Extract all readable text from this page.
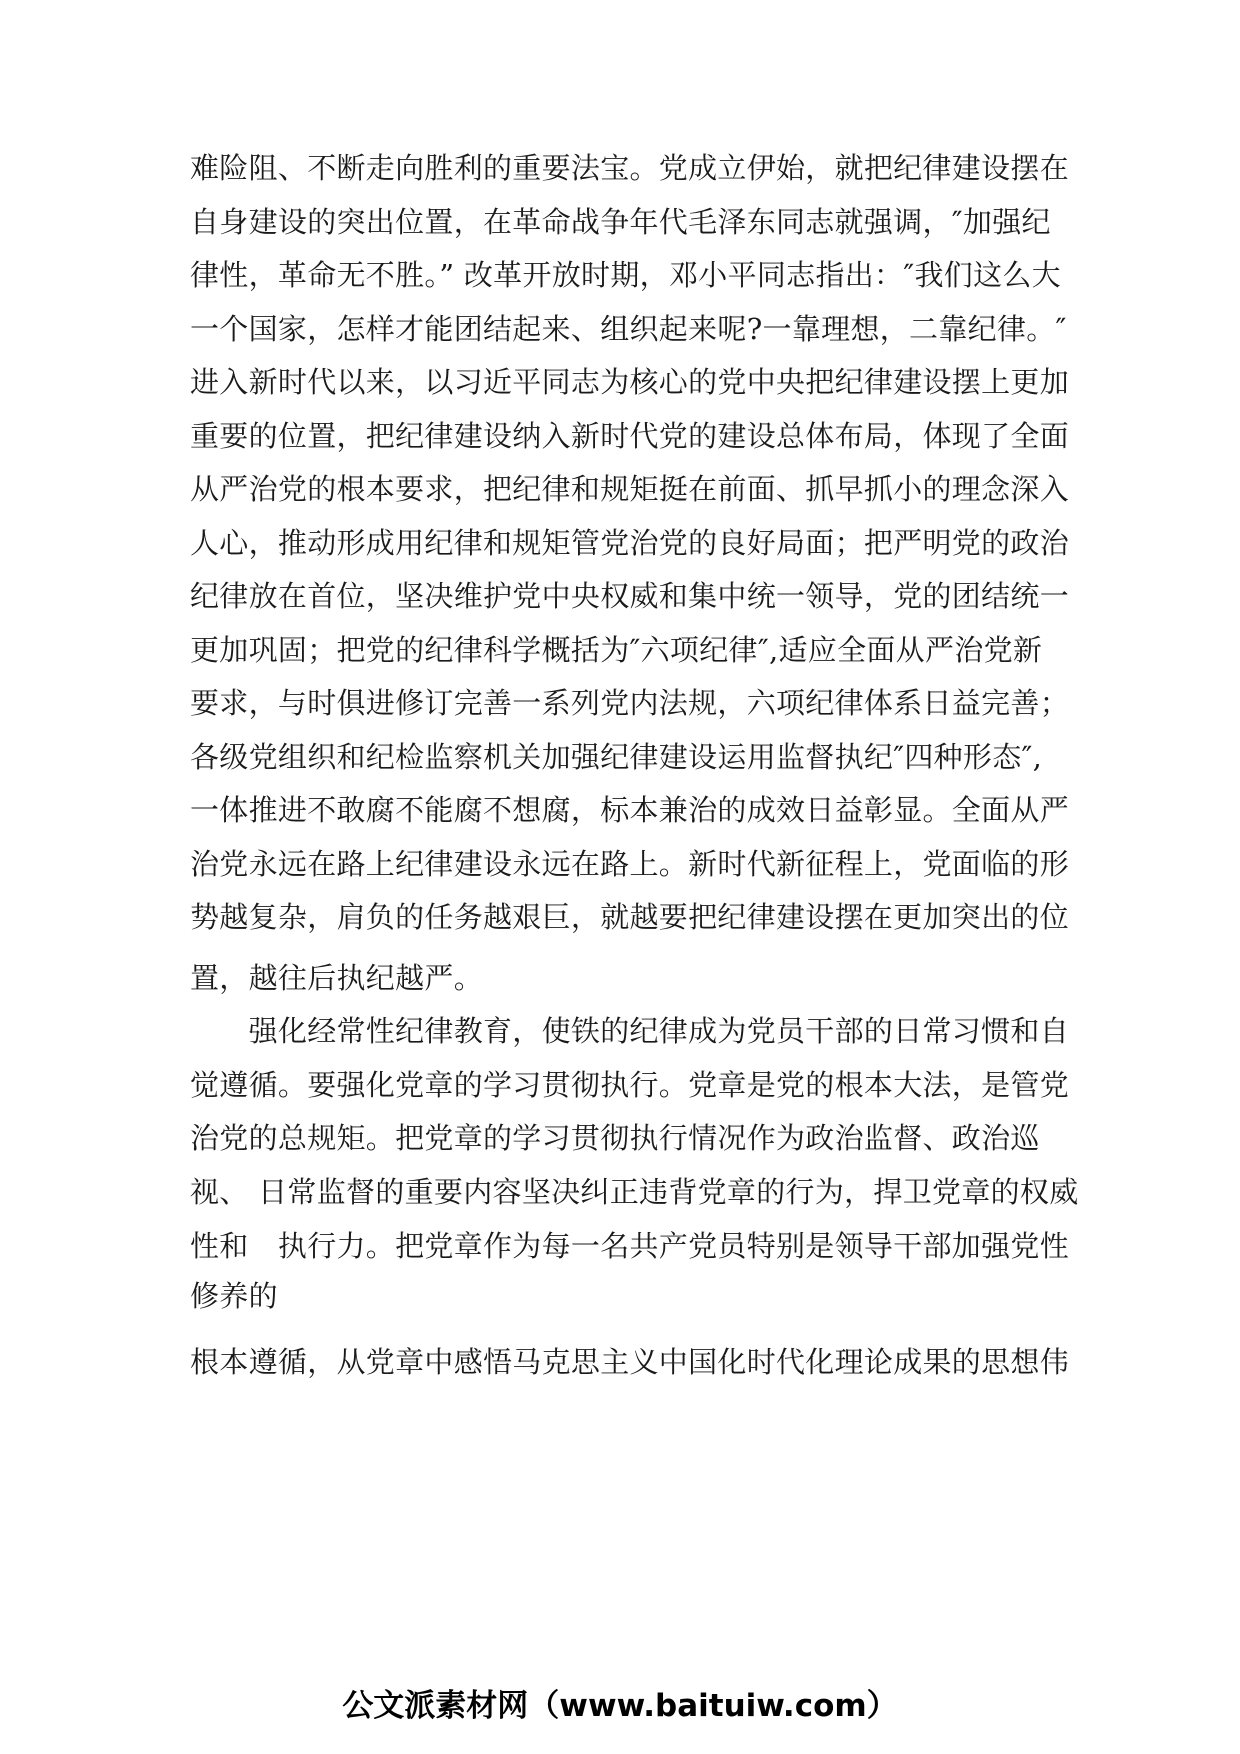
难险阻、不断走向胜利的重要法宝。党成立伊始，就把纪律建设摆在
自身建设的突出位置，在革命战争年代毛泽东同志就强调，″加强纪
律性，革命无不胜。” 改革开放时期，邓小平同志指出：″我们这么大
一个国家，怎样才能团结起来、组织起来呢?一靠理想，二靠纪律。″
进入新时代以来，以习近平同志为核心的党中央把纪律建设摆上更加
重要的位置，把纪律建设纳入新时代党的建设总体布局，体现了全面
从严治党的根本要求，把纪律和规矩挺在前面、抓早抓小的理念深入
人心，推动形成用纪律和规矩管党治党的良好局面；把严明党的政治
纪律放在首位，坚决维护党中央权威和集中统一领导，党的团结统一
更加巩固；把党的纪律科学概括为″六项纪律″,适应全面从严治党新
要求，与时俱进修订完善一系列党内法规，六项纪律体系日益完善；
各级党组织和纪检监察机关加强纪律建设运用监督执纪″四种形态″,
一体推进不敢腐不能腐不想腐，标本兼治的成效日益彰显。全面从严
治党永远在路上纪律建设永远在路上。新时代新征程上，党面临的形
势越复杂，肩负的任务越艰巨，就越要把纪律建设摆在更加突出的位
置，越往后执纪越严。
　　强化经常性纪律教育，使铁的纪律成为党员干部的日常习惯和自
觉遵循。要强化党章的学习贯彻执行。党章是党的根本大法，是管党
治党的总规矩。把党章的学习贯彻执行情况作为政治监督、政治巡
视、 日常监督的重要内容坚决纠正违背党章的行为，捍卫党章的权威
性和　执行力。把党章作为每一名共产党员特别是领导干部加强党性
修养的
根本遵循，从党章中感悟马克思主义中国化时代化理论成果的思想伟
公文派素材网（www.baituiw.com）
